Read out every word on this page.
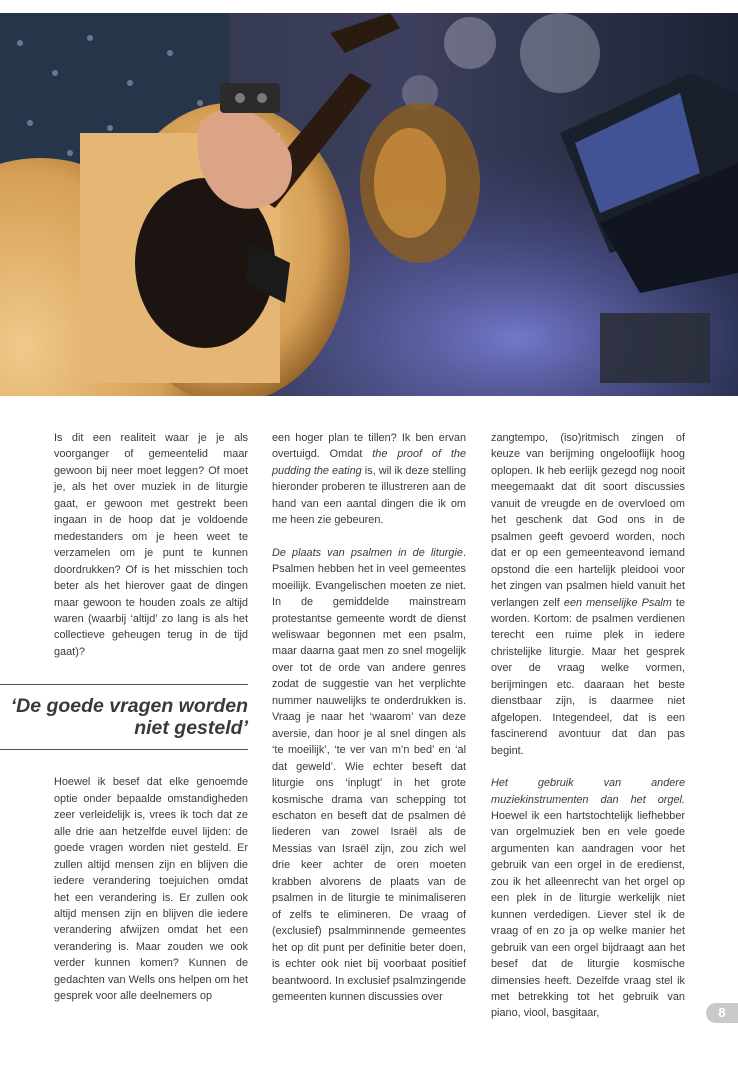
Is dit een realiteit waar je je als voorganger of gemeentelid maar gewoon bij neer moet leggen? Of moet je, als het over muziek in de liturgie gaat, er gewoon met gestrekt been ingaan in de hoop dat je voldoende medestanders om je heen weet te verzamelen om je punt te kunnen doordrukken? Of is het misschien toch beter als het hierover gaat de dingen maar gewoon te houden zoals ze altijd waren (waarbij ‘altijd’ zo lang is als het collectieve geheugen terug in de tijd gaat)?

‘De goede vragen worden niet gesteld’

Hoewel ik besef dat elke genoemde optie onder bepaalde omstandigheden zeer verleidelijk is, vrees ik toch dat ze alle drie aan hetzelfde euvel lijden: de goede vragen worden niet gesteld. Er zullen altijd mensen zijn en blijven die iedere verandering toejuichen omdat het een verandering is. Er zullen ook altijd mensen zijn en blijven die iedere verandering afwijzen omdat het een verandering is. Maar zouden we ook verder kunnen komen? Kunnen de gedachten van Wells ons helpen om het gesprek voor alle deelnemers op

een hoger plan te tillen? Ik ben ervan overtuigd. Omdat the proof of the pudding the eating is, wil ik deze stelling hieronder proberen te illustreren aan de hand van een aantal dingen die ik om me heen zie gebeuren.

De plaats van psalmen in de liturgie. Psalmen hebben het in veel gemeentes moeilijk. Evangelischen moeten ze niet. In de gemiddelde mainstream protestantse gemeente wordt de dienst weliswaar begonnen met een psalm, maar daarna gaat men zo snel mogelijk over tot de orde van andere genres zodat de suggestie van het verplichte nummer nauwelijks te onderdrukken is. Vraag je naar het ‘waarom’ van deze aversie, dan hoor je al snel dingen als ‘te moeilijk’, ‘te ver van m’n bed’ en ‘al dat geweld’. Wie echter beseft dat liturgie ons ‘inplugt’ in het grote kosmische drama van schepping tot eschaton en beseft dat de psalmen dé liederen van zowel Israël als de Messias van Israël zijn, zou zich wel drie keer achter de oren moeten krabben alvorens de plaats van de psalmen in de liturgie te minimaliseren of zelfs te elimineren. De vraag of (exclusief) psalmminnende gemeentes het op dit punt per definitie beter doen, is echter ook niet bij voorbaat positief beantwoord. In exclusief psalmzingende gemeenten kunnen discussies over

zangtempo, (iso)ritmisch zingen of keuze van berijming ongelooflijk hoog oplopen. Ik heb eerlijk gezegd nog nooit meegemaakt dat dit soort discussies vanuit de vreugde en de overvloed om het geschenk dat God ons in de psalmen geeft gevoerd worden, noch dat er op een gemeenteavond iemand opstond die een hartelijk pleidooi voor het zingen van psalmen hield vanuit het verlangen zelf een menselijke Psalm te worden. Kortom: de psalmen verdienen terecht een ruime plek in iedere christelijke liturgie. Maar het gesprek over de vraag welke vormen, berijmingen etc. daaraan het beste dienstbaar zijn, is daarmee niet afgelopen. Integendeel, dat is een fascinerend avontuur dat dan pas begint.

Het gebruik van andere muziekinstrumenten dan het orgel. Hoewel ik een hartstochtelijk liefhebber van orgelmuziek ben en vele goede argumenten kan aandragen voor het gebruik van een orgel in de eredienst, zou ik het alleenrecht van het orgel op een plek in de liturgie werkelijk niet kunnen verdedigen. Liever stel ik de vraag of en zo ja op welke manier het gebruik van een orgel bijdraagt aan het besef dat de liturgie kosmische dimensies heeft. Dezelfde vraag stel ik met betrekking tot het gebruik van piano, viool, basgitaar,	8
